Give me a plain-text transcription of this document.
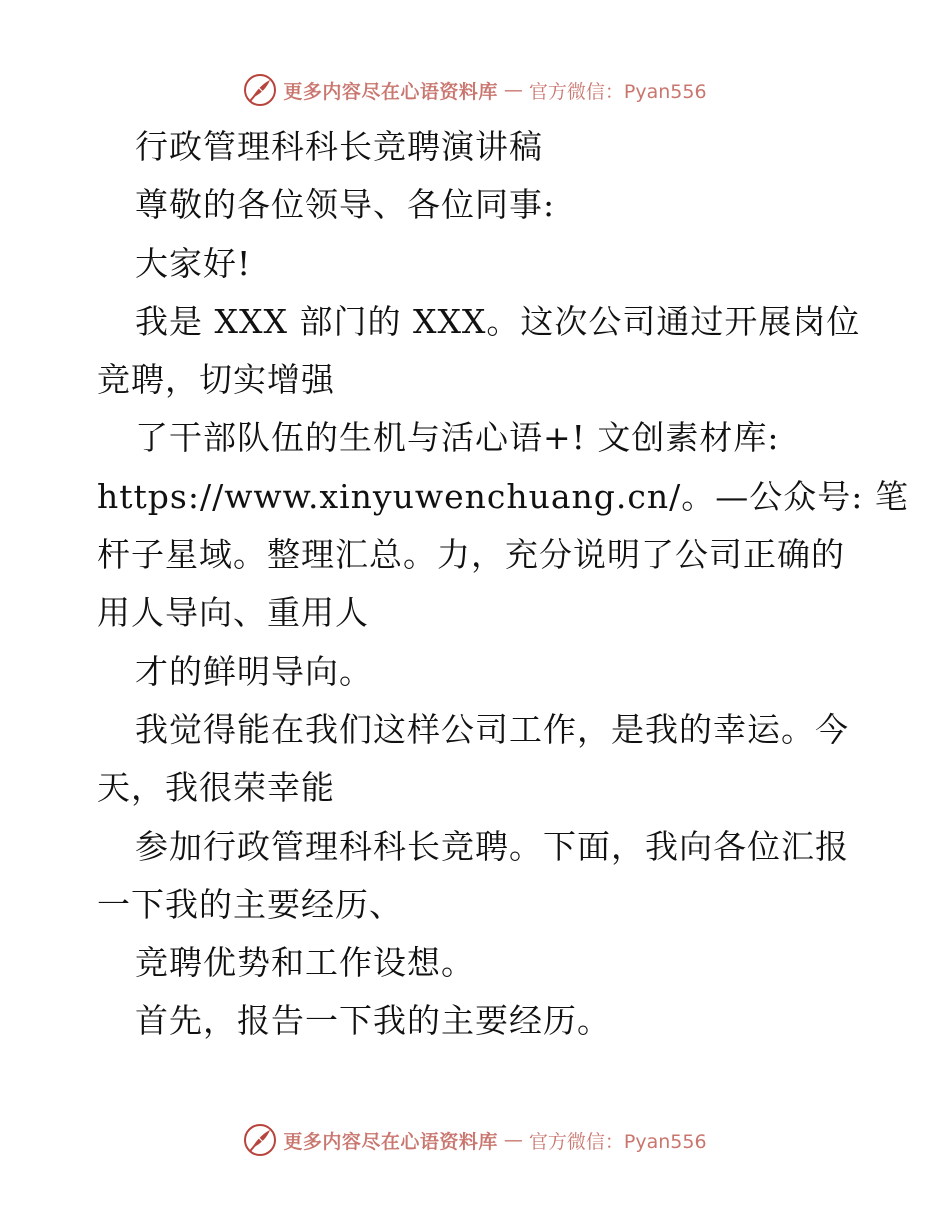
更多内容尽在心语资料库 — 官方微信：Pyan556
行政管理科科长竞聘演讲稿
尊敬的各位领导、各位同事:
大家好!
我是 XXX 部门的 XXX。这次公司通过开展岗位
竞聘，切实增强
了干部队伍的生机与活心语+! 文创素材库:
https://www.xinyuwenchuang.cn/。—公众号: 笔
杆子星域。整理汇总。力，充分说明了公司正确的
用人导向、重用人
才的鲜明导向。
我觉得能在我们这样公司工作，是我的幸运。今
天，我很荣幸能
参加行政管理科科长竞聘。下面，我向各位汇报
一下我的主要经历、
竞聘优势和工作设想。
首先，报告一下我的主要经历。
更多内容尽在心语资料库 — 官方微信：Pyan556
